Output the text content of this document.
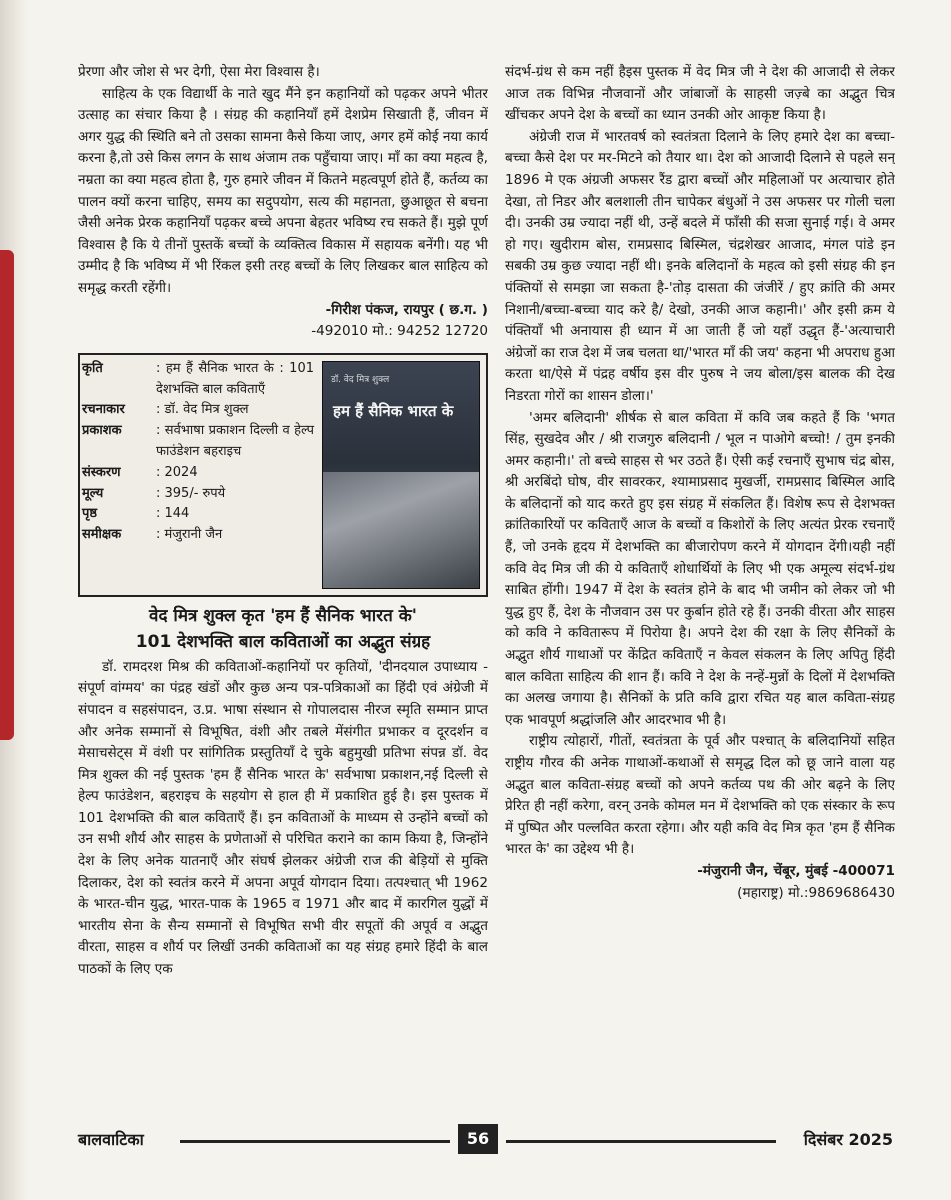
प्रेरणा और जोश से भर देगी, ऐसा मेरा विश्वास है।

साहित्य के एक विद्यार्थी के नाते खुद मैंने इन कहानियों को पढ़कर अपने भीतर उत्साह का संचार किया है । संग्रह की कहानियाँ हमें देशप्रेम सिखाती हैं, जीवन में अगर युद्ध की स्थिति बने तो उसका सामना कैसे किया जाए, अगर हमें कोई नया कार्य करना है,तो उसे किस लगन के साथ अंजाम तक पहुँचाया जाए। माँ का क्या महत्व है, नम्रता का क्या महत्व होता है, गुरु हमारे जीवन में कितने महत्वपूर्ण होते हैं, कर्तव्य का पालन क्यों करना चाहिए, समय का सदुपयोग, सत्य की महानता, छुआछूत से बचना जैसी अनेक प्रेरक कहानियाँ पढ़कर बच्चे अपना बेहतर भविष्य रच सकते हैं। मुझे पूर्ण विश्वास है कि ये तीनों पुस्तकें बच्चों के व्यक्तित्व विकास में सहायक बनेंगी। यह भी उम्मीद है कि भविष्य में भी रिंकल इसी तरह बच्चों के लिए लिखकर बाल साहित्य को समृद्ध करती रहेंगी।

-गिरीश पंकज, रायपुर ( छ.ग. )

-492010 मो.: 94252 12720

कृति	: हम हैं सैनिक भारत के : 101 देशभक्ति बाल कविताएँ
रचनाकार	: डॉ. वेद मित्र शुक्ल
प्रकाशक	: सर्वभाषा प्रकाशन दिल्ली व हेल्प फाउंडेशन बहराइच
संस्करण	: 2024
मूल्य	: 395/- रुपये
पृष्ठ	: 144
समीक्षक	: मंजुरानी जैन
डॉ. वेद मित्र शुक्ल
हम हैं सैनिक भारत के
वेद मित्र शुक्ल कृत 'हम हैं सैनिक भारत के'
101 देशभक्ति बाल कविताओं का अद्भुत संग्रह

डॉ. रामदरश मिश्र की कविताओं-कहानियों पर कृतियों, 'दीनदयाल उपाध्याय - संपूर्ण वांग्मय' का पंद्रह खंडों और कुछ अन्य पत्र-पत्रिकाओं का हिंदी एवं अंग्रेजी में संपादन व सहसंपादन, उ.प्र. भाषा संस्थान से गोपालदास नीरज स्मृति सम्मान प्राप्त और अनेक सम्मानों से विभूषित, वंशी और तबले मेंसंगीत प्रभाकर व दूरदर्शन व मेसाचसेट्स में वंशी पर सांगितिक प्रस्तुतियाँ दे चुके बहुमुखी प्रतिभा संपन्न डॉ. वेद मित्र शुक्ल की नई पुस्तक 'हम हैं सैनिक भारत के' सर्वभाषा प्रकाशन,नई दिल्ली से हेल्प फाउंडेशन, बहराइच के सहयोग से हाल ही में प्रकाशित हुई है। इस पुस्तक में 101 देशभक्ति की बाल कविताएँ हैं। इन कविताओं के माध्यम से उन्होंने बच्चों को उन सभी शौर्य और साहस के प्रणेताओं से परिचित कराने का काम किया है, जिन्होंने देश के लिए अनेक यातनाएँ और संघर्ष झेलकर अंग्रेजी राज की बेड़ियों से मुक्ति दिलाकर, देश को स्वतंत्र करने में अपना अपूर्व योगदान दिया। तत्पश्चात् भी 1962 के भारत-चीन युद्ध, भारत-पाक के 1965 व 1971 और बाद में कारगिल युद्धों में भारतीय सेना के सैन्य सम्मानों से विभूषित सभी वीर सपूतों की अपूर्व व अद्भुत वीरता, साहस व शौर्य पर लिखीं उनकी कविताओं का यह संग्रह हमारे हिंदी के बाल पाठकों के लिए एक

संदर्भ-ग्रंथ से कम नहीं हैइस पुस्तक में वेद मित्र जी ने देश की आजादी से लेकर आज तक विभिन्न नौजवानों और जांबाजों के साहसी जज़्बे का अद्भुत चित्र खींचकर अपने देश के बच्चों का ध्यान उनकी ओर आकृष्ट किया है।

अंग्रेजी राज में भारतवर्ष को स्वतंत्रता दिलाने के लिए हमारे देश का बच्चा-बच्चा कैसे देश पर मर-मिटने को तैयार था। देश को आजादी दिलाने से पहले सन् 1896 मे एक अंग्रजी अफसर रैंड द्वारा बच्चों और महिलाओं पर अत्याचार होते देखा, तो निडर और बलशाली तीन चापेकर बंधुओं ने उस अफसर पर गोली चला दी। उनकी उम्र ज्यादा नहीं थी, उन्हें बदले में फाँसी की सजा सुनाई गई। वे अमर हो गए। खुदीराम बोस, रामप्रसाद बिस्मिल, चंद्रशेखर आजाद, मंगल पांडे इन सबकी उम्र कुछ ज्यादा नहीं थी। इनके बलिदानों के महत्व को इसी संग्रह की इन पंक्तियों से समझा जा सकता है-'तोड़ दासता की जंजीरें / हुए क्रांति की अमर निशानी/बच्चा-बच्चा याद करे है/ देखो, उनकी आज कहानी।' और इसी क्रम ये पंक्तियाँ भी अनायास ही ध्यान में आ जाती हैं जो यहाँ उद्धृत हैं-'अत्याचारी अंग्रेजों का राज देश में जब चलता था/'भारत माँ की जय' कहना भी अपराध हुआ करता था/ऐसे में पंद्रह वर्षीय इस वीर पुरुष ने जय बोला/इस बालक की देख निडरता गोरों का शासन डोला।'

'अमर बलिदानी' शीर्षक से बाल कविता में कवि जब कहते हैं कि 'भगत सिंह, सुखदेव और / श्री राजगुरु बलिदानी / भूल न पाओगे बच्चो! / तुम इनकी अमर कहानी।' तो बच्चे साहस से भर उठते हैं। ऐसी कई रचनाएँ सुभाष चंद्र बोस, श्री अरबिंदो घोष, वीर सावरकर, श्यामाप्रसाद मुखर्जी, रामप्रसाद बिस्मिल आदि के बलिदानों को याद करते हुए इस संग्रह में संकलित हैं। विशेष रूप से देशभक्त क्रांतिकारियों पर कविताएँ आज के बच्चों व किशोरों के लिए अत्यंत प्रेरक रचनाएँ हैं, जो उनके हृदय में देशभक्ति का बीजारोपण करने में योगदान देंगी।यही नहीं कवि वेद मित्र जी की ये कविताएँ शोधार्थियों के लिए भी एक अमूल्य संदर्भ-ग्रंथ साबित होंगी। 1947 में देश के स्वतंत्र होने के बाद भी जमीन को लेकर जो भी युद्ध हुए हैं, देश के नौजवान उस पर कुर्बान होते रहे हैं। उनकी वीरता और साहस को कवि ने कवितारूप में पिरोया है। अपने देश की रक्षा के लिए सैनिकों के अद्भुत शौर्य गाथाओं पर केंद्रित कविताएँ न केवल संकलन के लिए अपितु हिंदी बाल कविता साहित्य की शान हैं। कवि ने देश के नन्हें-मुन्नों के दिलों में देशभक्ति का अलख जगाया है। सैनिकों के प्रति कवि द्वारा रचित यह बाल कविता-संग्रह एक भावपूर्ण श्रद्धांजलि और आदरभाव भी है।

राष्ट्रीय त्योहारों, गीतों, स्वतंत्रता के पूर्व और पश्चात् के बलिदानियों सहित राष्ट्रीय गौरव की अनेक गाथाओं-कथाओं से समृद्ध दिल को छू जाने वाला यह अद्भुत बाल कविता-संग्रह बच्चों को अपने कर्तव्य पथ की ओर बढ़ने के लिए प्रेरित ही नहीं करेगा, वरन् उनके कोमल मन में देशभक्ति को एक संस्कार के रूप में पुष्पित और पल्लवित करता रहेगा। और यही कवि वेद मित्र कृत 'हम हैं सैनिक भारत के' का उद्देश्य भी है।

-मंजुरानी जैन, चेंबूर, मुंबई -400071

(महाराष्ट्र) मो.:9869686430

बालवाटिका	56	दिसंबर 2025
